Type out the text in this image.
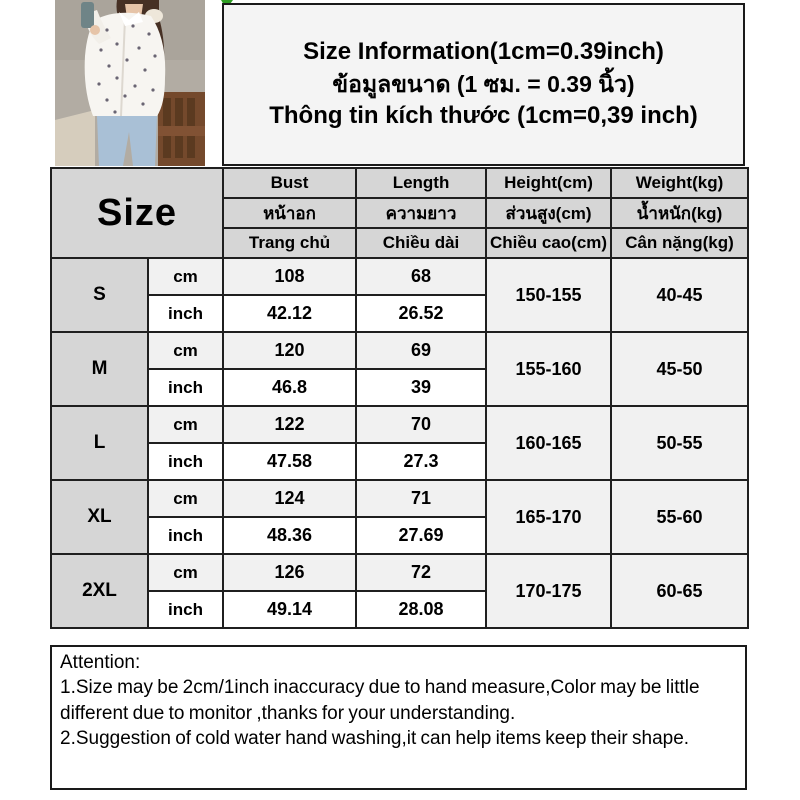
Size Information(1cm=0.39inch)
ข้อมูลขนาด (1 ซม. = 0.39 นิ้ว)
Thông tin kích thước (1cm=0,39 inch)
Size		Bust	Length	Height(cm)	Weight(kg)
		หน้าอก	ความยาว	ส่วนสูง(cm)	น้ำหนัก(kg)
		Trang chủ	Chiều dài	Chiều cao(cm)	Cân nặng(kg)
S	cm	108	68	150-155	40-45
	inch	42.12	26.52		
M	cm	120	69	155-160	45-50
	inch	46.8	39		
L	cm	122	70	160-165	50-55
	inch	47.58	27.3		
XL	cm	124	71	165-170	55-60
	inch	48.36	27.69		
2XL	cm	126	72	170-175	60-65
	inch	49.14	28.08		

Attention:

1.Size may be 2cm/1inch inaccuracy due to hand measure,Color may be little different due to monitor ,thanks for your understanding.

2.Suggestion of cold water hand washing,it can help items keep their shape.
